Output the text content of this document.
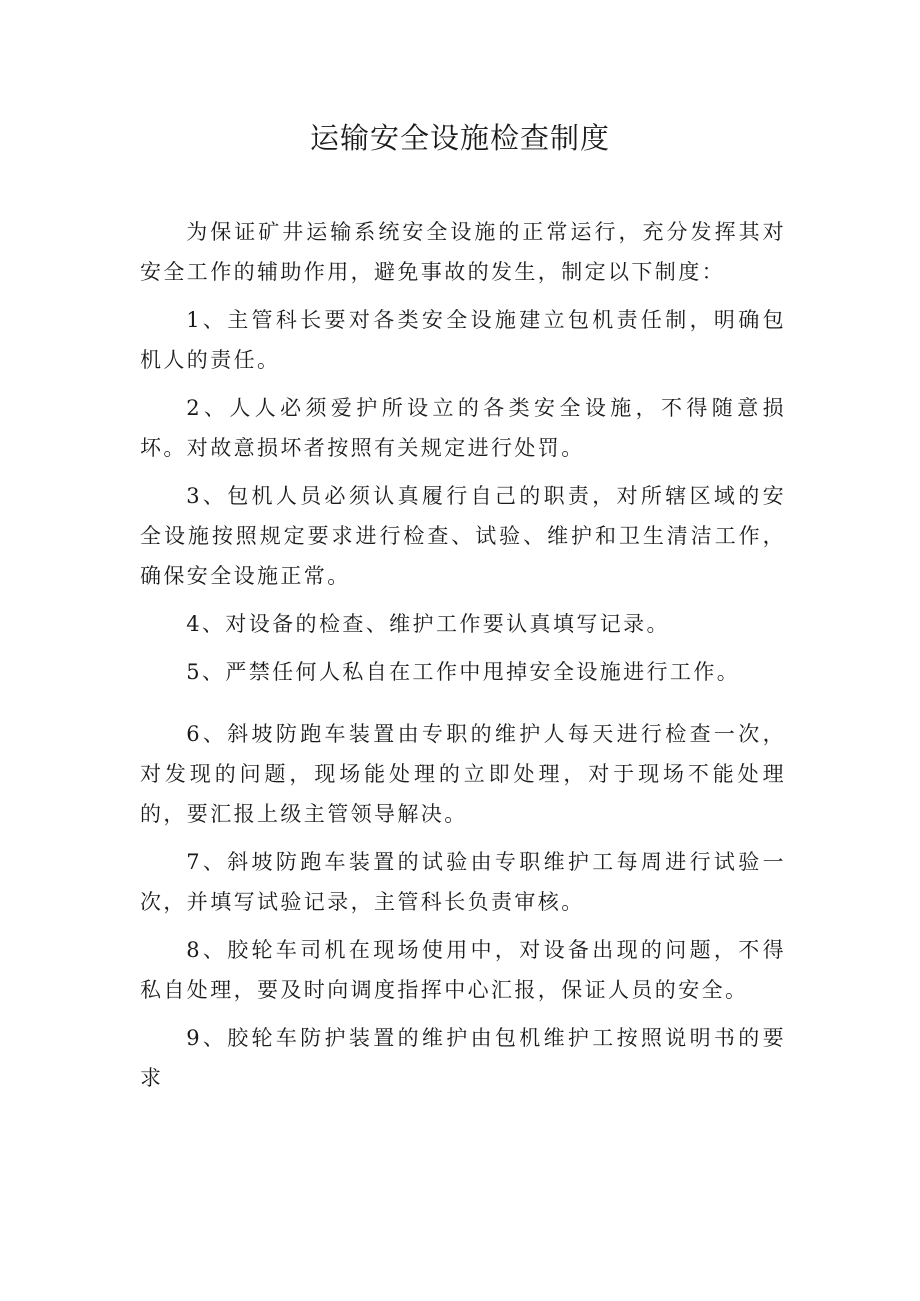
运输安全设施检查制度

为保证矿井运输系统安全设施的正常运行，充分发挥其对安全工作的辅助作用，避免事故的发生，制定以下制度：

1、主管科长要对各类安全设施建立包机责任制，明确包机人的责任。

2、人人必须爱护所设立的各类安全设施，不得随意损坏。对故意损坏者按照有关规定进行处罚。

3、包机人员必须认真履行自己的职责，对所辖区域的安全设施按照规定要求进行检查、试验、维护和卫生清洁工作，确保安全设施正常。

4、对设备的检查、维护工作要认真填写记录。

5、严禁任何人私自在工作中甩掉安全设施进行工作。

6、斜坡防跑车装置由专职的维护人每天进行检查一次，对发现的问题，现场能处理的立即处理，对于现场不能处理的，要汇报上级主管领导解决。

7、斜坡防跑车装置的试验由专职维护工每周进行试验一次，并填写试验记录，主管科长负责审核。

8、胶轮车司机在现场使用中，对设备出现的问题，不得私自处理，要及时向调度指挥中心汇报，保证人员的安全。

9、胶轮车防护装置的维护由包机维护工按照说明书的要求
